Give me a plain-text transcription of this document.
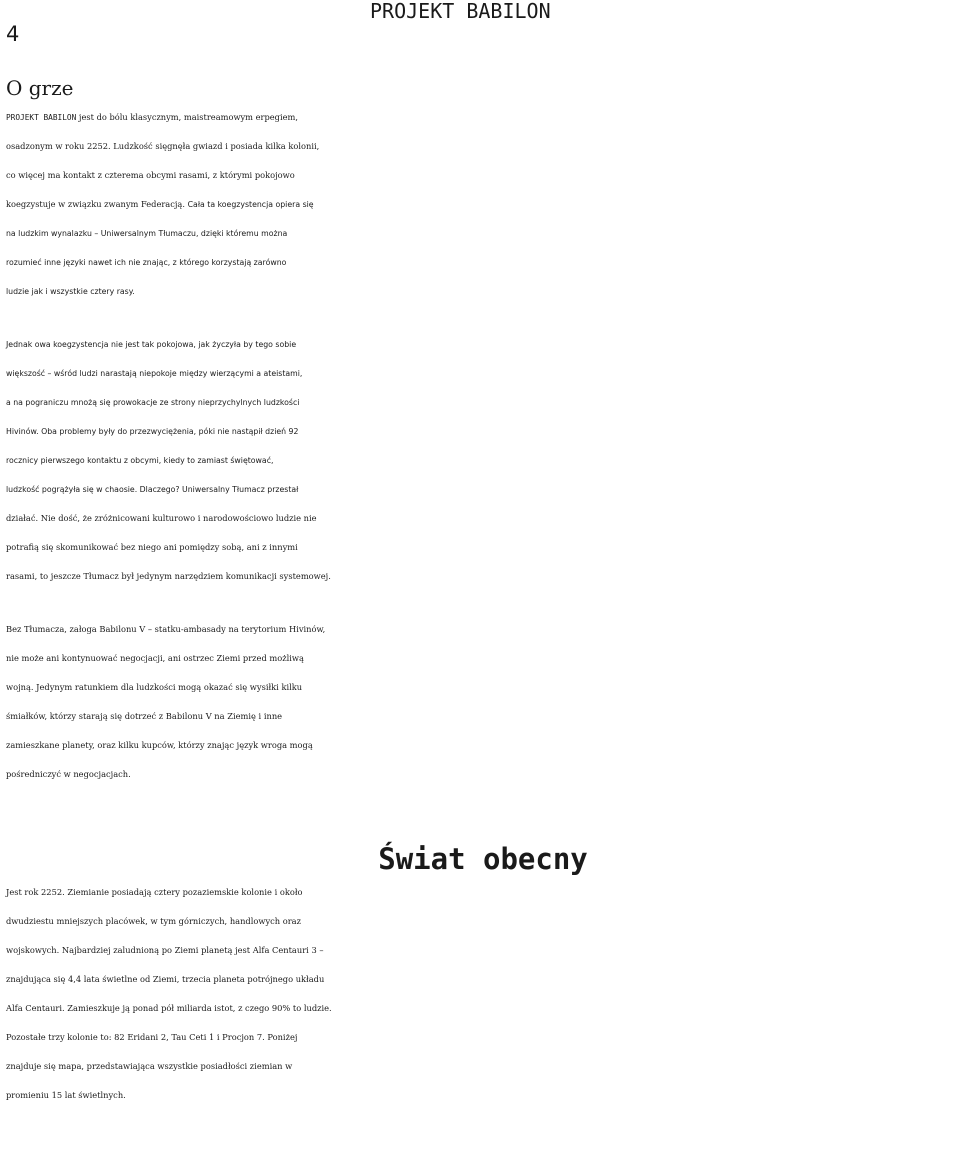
4
PROJEKT BABILON
O grze

PROJEKT BABILON jest do bólu klasycznym, maistreamowym erpegiem,
osadzonym w roku 2252. Ludzkość sięgnęła gwiazd i posiada kilka kolonii,
co więcej ma kontakt z czterema obcymi rasami, z którymi pokojowo
koegzystuje w związku zwanym Federacją. Cała ta koegzystencja opiera się
na ludzkim wynalazku – Uniwersalnym Tłumaczu, dzięki któremu można
rozumieć inne języki nawet ich nie znając, z którego korzystają zarówno
ludzie jak i wszystkie cztery rasy.

Jednak owa koegzystencja nie jest tak pokojowa, jak życzyła by tego sobie
większość – wśród ludzi narastają niepokoje między wierzącymi a ateistami,
a na pograniczu mnożą się prowokacje ze strony nieprzychylnych ludzkości
Hivinów. Oba problemy były do przezwyciężenia, póki nie nastąpił dzień 92
rocznicy pierwszego kontaktu z obcymi, kiedy to zamiast świętować,
ludzkość pogrążyła się w chaosie. Dlaczego? Uniwersalny Tłumacz przestał
działać. Nie dość, że zróżnicowani kulturowo i narodowościowo ludzie nie
potrafią się skomunikować bez niego ani pomiędzy sobą, ani z innymi
rasami, to jeszcze Tłumacz był jedynym narzędziem komunikacji systemowej.

Bez Tłumacza, załoga Babilonu V – statku-ambasady na terytorium Hivinów,
nie może ani kontynuować negocjacji, ani ostrzec Ziemi przed możliwą
wojną. Jedynym ratunkiem dla ludzkości mogą okazać się wysiłki kilku
śmiałków, którzy starają się dotrzeć z Babilonu V na Ziemię i inne
zamieszkane planety, oraz kilku kupców, którzy znając język wroga mogą
pośredniczyć w negocjacjach.

Świat obecny

Jest rok 2252. Ziemianie posiadają cztery pozaziemskie kolonie i około
dwudziestu mniejszych placówek, w tym górniczych, handlowych oraz
wojskowych. Najbardziej zaludnioną po Ziemi planetą jest Alfa Centauri 3 –
znajdująca się 4,4 lata świetlne od Ziemi, trzecia planeta potrójnego układu
Alfa Centauri. Zamieszkuje ją ponad pół miliarda istot, z czego 90% to ludzie.
Pozostałe trzy kolonie to: 82 Eridani 2, Tau Ceti 1 i Procjon 7. Poniżej
znajduje się mapa, przedstawiająca wszystkie posiadłości ziemian w
promieniu 15 lat świetlnych.
